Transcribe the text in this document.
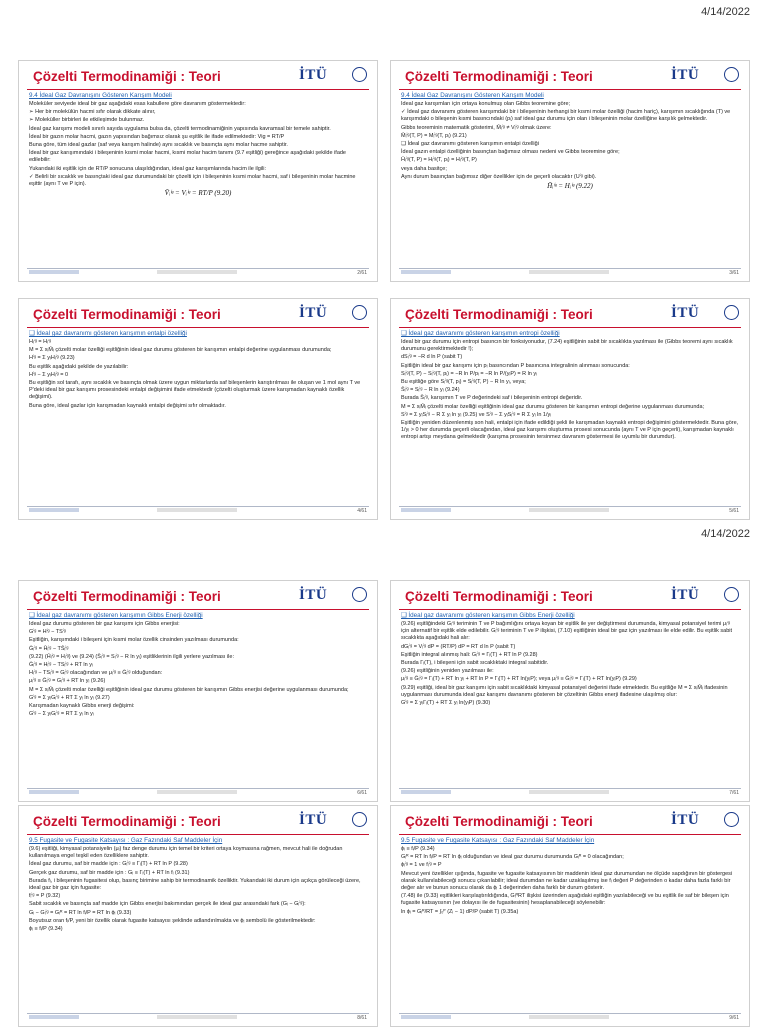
4/14/2022
4/14/2022
Çözelti Termodinamiği : Teori	İTÜ
9.4 İdeal Gaz Davranışını Gösteren Karışım Modeli

Moleküler seviyede ideal bir gaz aşağıdaki esas kabullere göre davranım göstermektedir:

➢ Her bir molekülün hacmi sıfır olarak dikkate alınır,

➢ Moleküller birbirleri ile etkileşimde bulunmaz.

İdeal gaz karışımı modeli sınırlı sayıda uygulama bulsa da, çözelti termodinamiğinin yapısında kavramsal bir temele sahiptir.

İdeal bir gazın molar hacmi, gazın yapısından bağımsız olarak şu eşitlik ile ifade edilmektedir: Vig = RT/P

Buna göre, tüm ideal gazlar (saf veya karışım halinde) aynı sıcaklık ve basınçta aynı molar hacme sahiptir.

İdeal bir gaz karışımındaki i bileşeninin kısmi molar hacmi, kısmi molar hacim tanımı (9.7 eşitliği) gereğince aşağıdaki şekilde ifade edilebilir:

Yukarıdaki iki eşitlik için de RT/P sonucuna ulaşıldığından, ideal gaz karışımlarında hacim ile ilgili:

✓ Belirli bir sıcaklık ve basınçtaki ideal gaz durumundaki bir çözelti için i bileşeninin kısmi molar hacmi, saf i bileşeninin molar hacmine eşittir (aynı T ve P için).

V̄ᵢⁱᵍ = Vᵢⁱᵍ = RT/P (9.20)
2/61
Çözelti Termodinamiği : Teori	İTÜ
9.4 İdeal Gaz Davranışını Gösteren Karışım Modeli

İdeal gaz karışımları için ortaya konulmuş olan Gibbs teoremine göre;

✓ İdeal gaz davranımı gösteren karışımdaki bir i bileşeninin herhangi bir kısmi molar özelliği (hacim hariç), karışımın sıcaklığında (T) ve karışımdaki o bileşenin kısmi basıncındaki (pᵢ) saf ideal gaz durumu için olan i bileşeninin molar özelliğine karşılık gelmektedir.

Gibbs teoreminin matematik gösterimi, M̄ᵢⁱᵍ ≠ Vᵢⁱᵍ olmak üzere:

M̄ᵢⁱᵍ(T, P) = Mᵢⁱᵍ(T, pᵢ) (9.21)

❑ İdeal gaz davranımı gösteren karışımın entalpi özelliği

İdeal gazın entalpi özelliğinin basınçtan bağımsız olması nedeni ve Gibbs teoremine göre;

H̄ᵢⁱᵍ(T, P) = Hᵢⁱᵍ(T, pᵢ) = Hᵢⁱᵍ(T, P)

veya daha basitçe;

Aynı durum basınçtan bağımsız diğer özellikler için de geçerli olacaktır (Uⁱᵍ gibi).

H̄ᵢⁱᵍ = Hᵢⁱᵍ (9.22)
3/61
Çözelti Termodinamiği : Teori	İTÜ
❑ İdeal gaz davranımı gösteren karışımın entalpi özelliği

H̄ᵢⁱᵍ = Hᵢⁱᵍ

M = Σ xᵢM̄ᵢ çözelti molar özelliği eşitliğinin ideal gaz durumu gösteren bir karışımın entalpi değerine uygulanması durumunda;

Hⁱᵍ = Σ yᵢHᵢⁱᵍ (9.23)

Bu eşitlik aşağıdaki şekilde de yazılabilir:

Hⁱᵍ − Σ yᵢHᵢⁱᵍ = 0

Bu eşitliğin sol tarafı, aynı sıcaklık ve basınçta olmak üzere uygun miktarlarda saf bileşenlerin karıştırılması ile oluşan ve 1 mol aynı T ve P'deki ideal bir gaz karışımı prosesindeki entalpi değişimini ifade etmektedir (çözelti oluşturmak üzere karışmadan kaynaklı özellik değişimi).

Buna göre, ideal gazlar için karışmadan kaynaklı entalpi değişimi sıfır olmaktadır.

4/61
Çözelti Termodinamiği : Teori	İTÜ
❑ İdeal gaz davranımı gösteren karışımın entropi özelliği

İdeal bir gaz durumu için entropi basıncın bir fonksiyonudur, (7.24) eşitliğinin sabit bir sıcaklıkta yazılması ile (Gibbs teoremi aynı sıcaklık durumunu gerektirmektedir !);

dSᵢⁱᵍ = −R d ln P (sabit T)

Eşitliğin ideal bir gaz karışımı için pᵢ basıncından P basıncına integralinin alınması sonucunda:

Sᵢⁱᵍ(T, P) − Sᵢⁱᵍ(T, pᵢ) = −R ln P/pᵢ = −R ln P/(yᵢP) = R ln yᵢ

Bu eşitliğe göre Sᵢⁱᵍ(T, pᵢ) = Sᵢⁱᵍ(T, P) − R ln yᵢ, veya;

S̄ᵢⁱᵍ = Sᵢⁱᵍ − R ln yᵢ (9.24)

Burada S̄ᵢⁱᵍ, karışımın T ve P değerindeki saf i bileşeninin entropi değeridir.

M = Σ xᵢM̄ᵢ çözelti molar özelliği eşitliğinin ideal gaz durumu gösteren bir karışımın entropi değerine uygulanması durumunda;

Sⁱᵍ = Σ yᵢSᵢⁱᵍ − R Σ yᵢ ln yᵢ (9.25) ve Sⁱᵍ − Σ yᵢSᵢⁱᵍ = R Σ yᵢ ln 1/yᵢ

Eşitliğin yeniden düzenlenmiş son hali, entalpi için ifade edildiği şekli ile karışmadan kaynaklı entropi değişimini göstermektedir. Buna göre, 1/yᵢ > 0 her durumda geçerli olacağından, ideal gaz karışımı oluşturma prosesi sonucunda (aynı T ve P için geçerli), karışmadan kaynaklı entropi artışı meydana gelmektedir (karışma prosesinin tersinmez davranım göstermesi ile uyumlu bir durumdur).

5/61
Çözelti Termodinamiği : Teori	İTÜ
❑ İdeal gaz davranımı gösteren karışımın Gibbs Enerji özelliği

İdeal gaz durumu gösteren bir gaz karışımı için Gibbs enerjisi:

Gⁱᵍ = Hⁱᵍ − TSⁱᵍ

Eşitliğin, karışımdaki i bileşeni için kısmi molar özellik cinsinden yazılması durumunda:

Ḡᵢⁱᵍ = H̄ᵢⁱᵍ − TS̄ᵢⁱᵍ

(9.22) (H̄ᵢⁱᵍ = Hᵢⁱᵍ) ve (9.24) (S̄ᵢⁱᵍ = Sᵢⁱᵍ − R ln yᵢ) eşitliklerinin ilgili yerlere yazılması ile:

Ḡᵢⁱᵍ = Hᵢⁱᵍ − TSᵢⁱᵍ + RT ln yᵢ

Hᵢⁱᵍ − TSᵢⁱᵍ = Gᵢⁱᵍ olacağından ve μᵢⁱᵍ ≡ Ḡᵢⁱᵍ olduğundan:

μᵢⁱᵍ ≡ Ḡᵢⁱᵍ = Gᵢⁱᵍ + RT ln yᵢ (9.26)

M = Σ xᵢM̄ᵢ çözelti molar özelliği eşitliğinin ideal gaz durumu gösteren bir karışımın Gibbs enerjisi değerine uygulanması durumunda;

Gⁱᵍ = Σ yᵢGᵢⁱᵍ + RT Σ yᵢ ln yᵢ (9.27)

Karışmadan kaynaklı Gibbs enerji değişimi:

Gⁱᵍ − Σ yᵢGᵢⁱᵍ = RT Σ yᵢ ln yᵢ

6/61
Çözelti Termodinamiği : Teori	İTÜ
❑ İdeal gaz davranımı gösteren karışımın Gibbs Enerji özelliği

(9.26) eşitliğindeki Gᵢⁱᵍ teriminin T ve P bağımlığını ortaya koyan bir eşitlik ile yer değiştirmesi durumunda, kimyasal potansiyel terimi μᵢⁱᵍ için alternatif bir eşitlik elde edilebilir. Gᵢⁱᵍ teriminin T ve P ilişkisi, (7.10) eşitliğinin ideal bir gaz için yazılması ile elde edilir. Bu eşitlik sabit sıcaklıkta aşağıdaki hali alır:

dGᵢⁱᵍ = Vᵢⁱᵍ dP = (RT/P) dP = RT d ln P (sabit T)

Eşitliğin integral alınmış hali: Gᵢⁱᵍ = Γᵢ(T) + RT ln P (9.28)

Burada Γᵢ(T), i bileşeni için sabit sıcaklıktaki integral sabitidir.

(9.26) eşitliğinin yeniden yazılması ile:

μᵢⁱᵍ ≡ Ḡᵢⁱᵍ = Γᵢ(T) + RT ln yᵢ + RT ln P = Γᵢ(T) + RT ln(yᵢP); veya μᵢⁱᵍ ≡ Ḡᵢⁱᵍ = Γᵢ(T) + RT ln(yᵢP) (9.29)

(9.29) eşitliği, ideal bir gaz karışımı için sabit sıcaklıktaki kimyasal potansiyel değerini ifade etmektedir. Bu eşitliğe M = Σ xᵢM̄ᵢ ifadesinin uygulanması durumunda ideal gaz karışımı davranımı gösteren bir çözeltinin Gibbs enerji ifadesine ulaşılmış olur:

Gⁱᵍ = Σ yᵢΓᵢ(T) + RT Σ yᵢ ln(yᵢP) (9.30)

7/61
Çözelti Termodinamiği : Teori	İTÜ
9.5 Fugasite ve Fugasite Katsayısı : Gaz Fazındaki Saf Maddeler İçin

(9.6) eşitliği, kimyasal potansiyelin (μᵢ) faz denge durumu için temel bir kriteri ortaya koymasına rağmen, mevcut hali ile doğrudan kullanılmaya engel teşkil eden özelliklere sahiptir.

İdeal gaz durumu, saf bir madde için : Gᵢⁱᵍ ≡ Γᵢ(T) + RT ln P (9.28)

Gerçek gaz durumu, saf bir madde için : Gᵢ ≡ Γᵢ(T) + RT ln fᵢ (9.31)

Burada fᵢ, i bileşeninin fugasitesi olup, basınç birimine sahip bir termodinamik özelliktir. Yukarıdaki iki durum için açıkça görüleceği üzere, ideal gaz bir gaz için fugasite:

fᵢⁱᵍ = P (9.32)

Sabit sıcaklık ve basınçta saf madde için Gibbs enerjisi bakımından gerçek ile ideal gaz arasındaki fark (Gᵢ − Gᵢⁱᵍ):

Gᵢ − Gᵢⁱᵍ = Gᵢᴿ = RT ln fᵢ/P = RT ln ϕᵢ (9.33)

Boyutsuz oran fᵢ/P, yeni bir özellik olarak fugasite katsayısı şeklinde adlandırılmakta ve ϕᵢ sembolü ile gösterilmektedir:

ϕᵢ ≡ fᵢ/P (9.34)

8/61
Çözelti Termodinamiği : Teori	İTÜ
9.5 Fugasite ve Fugasite Katsayısı : Gaz Fazındaki Saf Maddeler İçin

ϕᵢ ≡ fᵢ/P (9.34)

Gᵢᴿ = RT ln fᵢ/P = RT ln ϕᵢ olduğundan ve ideal gaz durumu durumunda Gᵢᴿ = 0 olacağından;

ϕᵢⁱᵍ = 1 ve fᵢⁱᵍ = P

Mevcut yeni özellikler ışığında, fugasite ve fugasite katsayısının bir maddenin ideal gaz durumundan ne ölçüde sapdığının bir göstergesi olarak kullanılabileceği sonucu çıkarılabilir; ideal durumdan ne kadar uzaklaşılmış ise fᵢ değeri P değerinden o kadar daha fazla farklı bir değer alır ve bunun sonucu olarak da ϕᵢ 1 değerinden daha farklı bir durum gösterir.

(7.48) ile (9.33) eşitlikleri karşılaştırıldığında, GᵢᴿRT ilişkisi üzerinden aşağıdaki eşitliğin yazılabileceği ve bu eşitlik ile saf bir bileşen için fugasite katsayısının (ve dolayısı ile de fugasitesinin) hesaplanabileceği söylenebilir:

ln ϕᵢ = Gᵢᴿ/RT = ∫₀ᴾ (Zᵢ − 1) dP/P (sabit T) (9.35a)

9/61
